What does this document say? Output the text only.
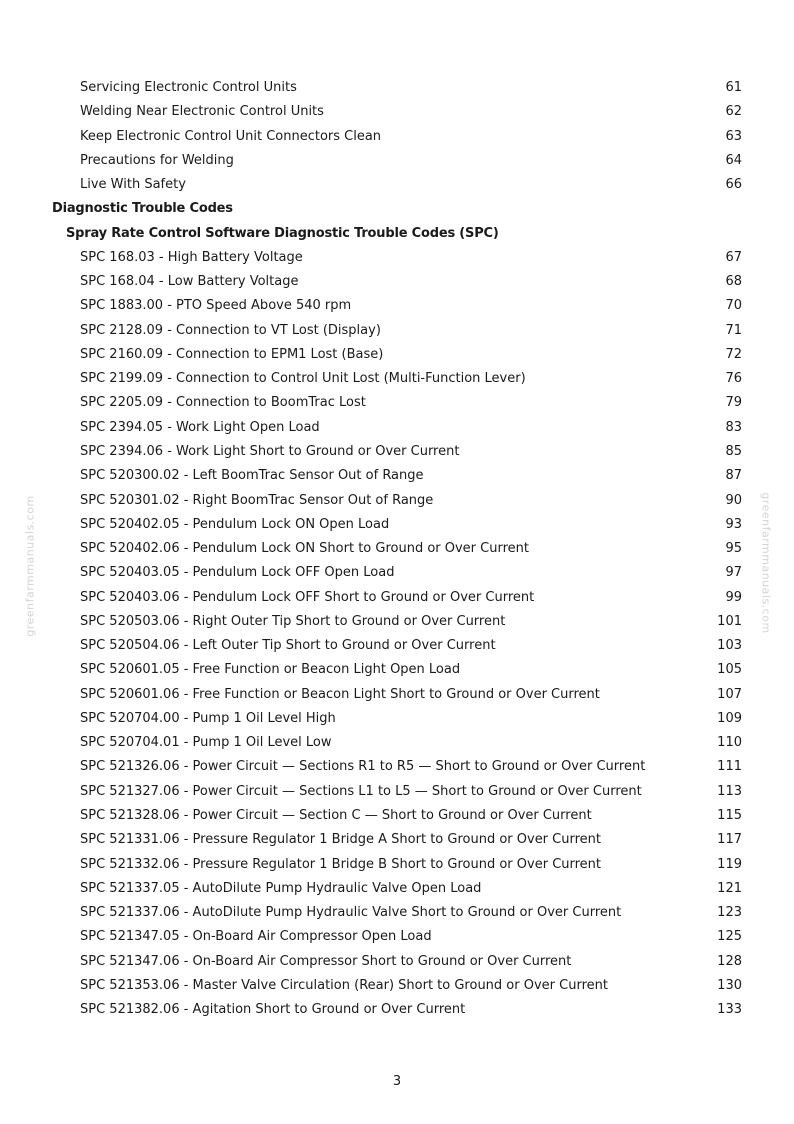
greenfarmmanuals.com	greenfarmmanuals.com
Servicing Electronic Control Units	61
Welding Near Electronic Control Units	62
Keep Electronic Control Unit Connectors Clean	63
Precautions for Welding	64
Live With Safety	66
Diagnostic Trouble Codes
Spray Rate Control Software Diagnostic Trouble Codes (SPC)
SPC 168.03 - High Battery Voltage	67
SPC 168.04 - Low Battery Voltage	68
SPC 1883.00 - PTO Speed Above 540 rpm	70
SPC 2128.09 - Connection to VT Lost (Display)	71
SPC 2160.09 - Connection to EPM1 Lost (Base)	72
SPC 2199.09 - Connection to Control Unit Lost (Multi-Function Lever)	76
SPC 2205.09 - Connection to BoomTrac Lost	79
SPC 2394.05 - Work Light Open Load	83
SPC 2394.06 - Work Light Short to Ground or Over Current	85
SPC 520300.02 - Left BoomTrac Sensor Out of Range	87
SPC 520301.02 - Right BoomTrac Sensor Out of Range	90
SPC 520402.05 - Pendulum Lock ON Open Load	93
SPC 520402.06 - Pendulum Lock ON Short to Ground or Over Current	95
SPC 520403.05 - Pendulum Lock OFF Open Load	97
SPC 520403.06 - Pendulum Lock OFF Short to Ground or Over Current	99
SPC 520503.06 - Right Outer Tip Short to Ground or Over Current	101
SPC 520504.06 - Left Outer Tip Short to Ground or Over Current	103
SPC 520601.05 - Free Function or Beacon Light Open Load	105
SPC 520601.06 - Free Function or Beacon Light Short to Ground or Over Current	107
SPC 520704.00 - Pump 1 Oil Level High	109
SPC 520704.01 - Pump 1 Oil Level Low	110
SPC 521326.06 - Power Circuit — Sections R1 to R5 — Short to Ground or Over Current	111
SPC 521327.06 - Power Circuit — Sections L1 to L5 — Short to Ground or Over Current	113
SPC 521328.06 - Power Circuit — Section C — Short to Ground or Over Current	115
SPC 521331.06 - Pressure Regulator 1 Bridge A Short to Ground or Over Current	117
SPC 521332.06 - Pressure Regulator 1 Bridge B Short to Ground or Over Current	119
SPC 521337.05 - AutoDilute Pump Hydraulic Valve Open Load	121
SPC 521337.06 - AutoDilute Pump Hydraulic Valve Short to Ground or Over Current	123
SPC 521347.05 - On-Board Air Compressor Open Load	125
SPC 521347.06 - On-Board Air Compressor Short to Ground or Over Current	128
SPC 521353.06 - Master Valve Circulation (Rear) Short to Ground or Over Current	130
SPC 521382.06 - Agitation Short to Ground or Over Current	133
3
